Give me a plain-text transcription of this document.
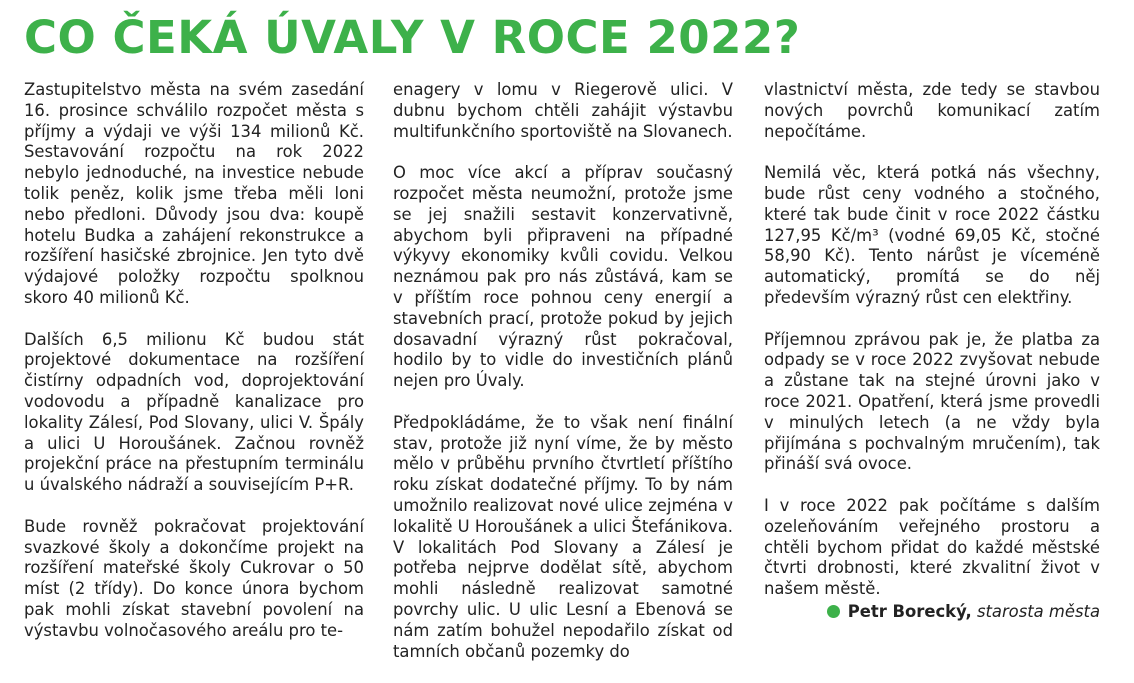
CO ČEKÁ ÚVALY V ROCE 2022?

Zastupitelstvo města na svém zasedání 16. prosince schválilo rozpočet města s příjmy a výdaji ve výši 134 milionů Kč. Sestavování rozpočtu na rok 2022 nebylo jednoduché, na investice nebude tolik peněz, kolik jsme třeba měli loni nebo předloni. Důvody jsou dva: koupě hotelu Budka a zahájení rekonstrukce a rozšíření hasičské zbrojnice. Jen tyto dvě výdajové položky rozpočtu spolknou skoro 40 milionů Kč.

Dalších 6,5 milionu Kč budou stát projektové dokumentace na rozšíření čistírny odpadních vod, doprojektování vodovodu a případně kanalizace pro lokality Zálesí, Pod Slovany, ulici V. Špály a ulici U Horoušánek. Začnou rovněž projekční práce na přestupním terminálu u úvalského nádraží a souvisejícím P+R.

Bude rovněž pokračovat projektování svazkové školy a dokončíme projekt na rozšíření mateřské školy Cukrovar o 50 míst (2 třídy). Do konce února bychom pak mohli získat stavební povolení na výstavbu volnočasového areálu pro te-

enagery v lomu v Riegerově ulici. V dubnu bychom chtěli zahájit výstavbu multifunkčního sportoviště na Slovanech.

O moc více akcí a příprav současný rozpočet města neumožní, protože jsme se jej snažili sestavit konzervativně, abychom byli připraveni na případné výkyvy ekonomiky kvůli covidu. Velkou neznámou pak pro nás zůstává, kam se v příštím roce pohnou ceny energií a stavebních prací, protože pokud by jejich dosavadní výrazný růst pokračoval, hodilo by to vidle do investičních plánů nejen pro Úvaly.

Předpokládáme, že to však není finální stav, protože již nyní víme, že by město mělo v průběhu prvního čtvrtletí příštího roku získat dodatečné příjmy. To by nám umožnilo realizovat nové ulice zejména v lokalitě U Horoušánek a ulici Štefánikova. V lokalitách Pod Slovany a Zálesí je potřeba nejprve dodělat sítě, abychom mohli následně realizovat samotné povrchy ulic. U ulic Lesní a Ebenová se nám zatím bohužel nepodařilo získat od tamních občanů pozemky do

vlastnictví města, zde tedy se stavbou nových povrchů komunikací zatím nepočítáme.

Nemilá věc, která potká nás všechny, bude růst ceny vodného a stočného, které tak bude činit v roce 2022 částku 127,95 Kč/m³ (vodné 69,05 Kč, stočné 58,90 Kč). Tento nárůst je víceméně automatický, promítá se do něj především výrazný růst cen elektřiny.

Příjemnou zprávou pak je, že platba za odpady se v roce 2022 zvyšovat nebude a zůstane tak na stejné úrovni jako v roce 2021. Opatření, která jsme provedli v minulých letech (a ne vždy byla přijímána s pochvalným mručením), tak přináší svá ovoce.

I v roce 2022 pak počítáme s dalším ozeleňováním veřejného prostoru a chtěli bychom přidat do každé městské čtvrti drobnosti, které zkvalitní život v našem městě.

Petr Borecký, starosta města
